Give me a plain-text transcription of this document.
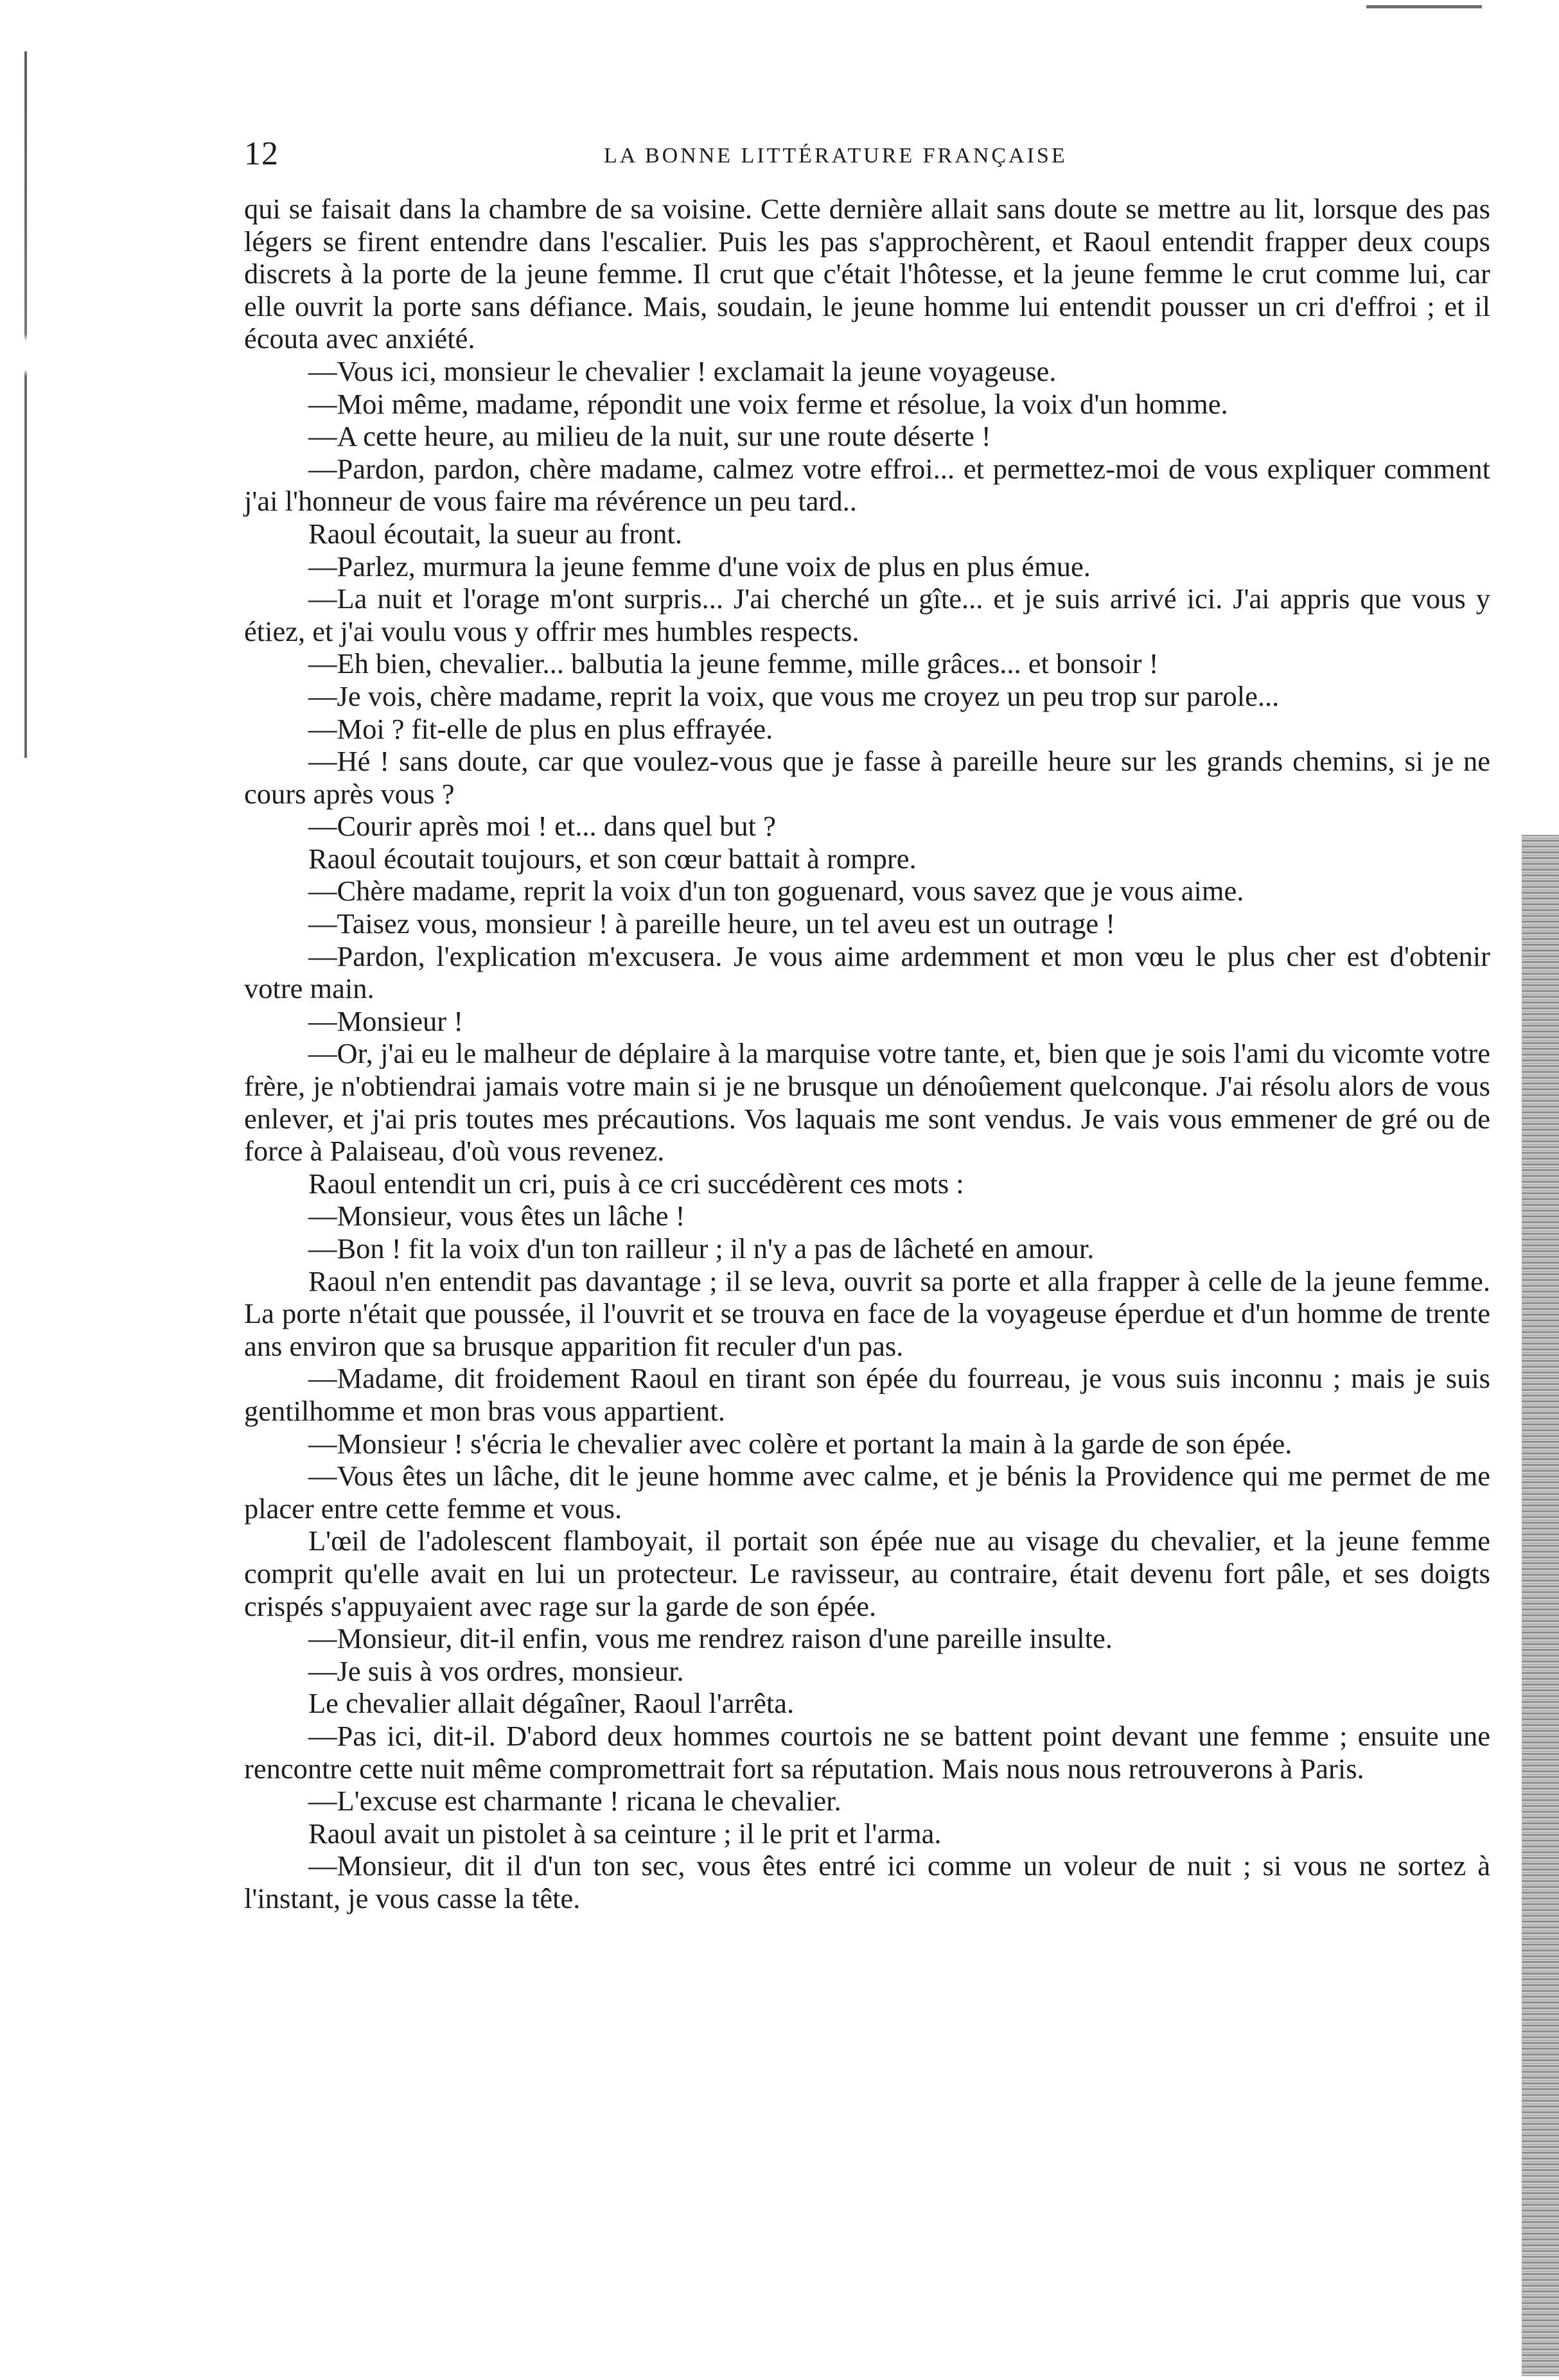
12	LA BONNE LITTÉRATURE FRANÇAISE

qui se faisait dans la chambre de sa voisine. Cette dernière allait sans doute se mettre au lit, lorsque des pas légers se firent entendre dans l'escalier. Puis les pas s'approchèrent, et Raoul entendit frapper deux coups discrets à la porte de la jeune femme. Il crut que c'était l'hôtesse, et la jeune femme le crut comme lui, car elle ouvrit la porte sans défiance. Mais, soudain, le jeune homme lui entendit pousser un cri d'effroi ; et il écouta avec anxiété.

—Vous ici, monsieur le chevalier ! exclamait la jeune voyageuse.

—Moi même, madame, répondit une voix ferme et résolue, la voix d'un homme.

—A cette heure, au milieu de la nuit, sur une route déserte !

—Pardon, pardon, chère madame, calmez votre effroi... et permettez-moi de vous expliquer comment j'ai l'honneur de vous faire ma révérence un peu tard..

Raoul écoutait, la sueur au front.

—Parlez, murmura la jeune femme d'une voix de plus en plus émue.

—La nuit et l'orage m'ont surpris... J'ai cherché un gîte... et je suis arrivé ici. J'ai appris que vous y étiez, et j'ai voulu vous y offrir mes humbles respects.

—Eh bien, chevalier... balbutia la jeune femme, mille grâces... et bonsoir !

—Je vois, chère madame, reprit la voix, que vous me croyez un peu trop sur parole...

—Moi ? fit-elle de plus en plus effrayée.

—Hé ! sans doute, car que voulez-vous que je fasse à pareille heure sur les grands chemins, si je ne cours après vous ?

—Courir après moi ! et... dans quel but ?

Raoul écoutait toujours, et son cœur battait à rompre.

—Chère madame, reprit la voix d'un ton goguenard, vous savez que je vous aime.

—Taisez vous, monsieur ! à pareille heure, un tel aveu est un outrage !

—Pardon, l'explication m'excusera. Je vous aime ardemment et mon vœu le plus cher est d'obtenir votre main.

—Monsieur !

—Or, j'ai eu le malheur de déplaire à la marquise votre tante, et, bien que je sois l'ami du vicomte votre frère, je n'obtiendrai jamais votre main si je ne brusque un dénoûement quelconque. J'ai résolu alors de vous enlever, et j'ai pris toutes mes précautions. Vos laquais me sont vendus. Je vais vous emmener de gré ou de force à Palaiseau, d'où vous revenez.

Raoul entendit un cri, puis à ce cri succédèrent ces mots :

—Monsieur, vous êtes un lâche !

—Bon ! fit la voix d'un ton railleur ; il n'y a pas de lâcheté en amour.

Raoul n'en entendit pas davantage ; il se leva, ouvrit sa porte et alla frapper à celle de la jeune femme. La porte n'était que poussée, il l'ouvrit et se trouva en face de la voyageuse éperdue et d'un homme de trente ans environ que sa brusque apparition fit reculer d'un pas.

—Madame, dit froidement Raoul en tirant son épée du fourreau, je vous suis inconnu ; mais je suis gentilhomme et mon bras vous appartient.

—Monsieur ! s'écria le chevalier avec colère et portant la main à la garde de son épée.

—Vous êtes un lâche, dit le jeune homme avec calme, et je bénis la Providence qui me permet de me placer entre cette femme et vous.

L'œil de l'adolescent flamboyait, il portait son épée nue au visage du chevalier, et la jeune femme comprit qu'elle avait en lui un protecteur. Le ravisseur, au contraire, était devenu fort pâle, et ses doigts crispés s'appuyaient avec rage sur la garde de son épée.

—Monsieur, dit-il enfin, vous me rendrez raison d'une pareille insulte.

—Je suis à vos ordres, monsieur.

Le chevalier allait dégaîner, Raoul l'arrêta.

—Pas ici, dit-il. D'abord deux hommes courtois ne se battent point devant une femme ; ensuite une rencontre cette nuit même compromettrait fort sa réputation. Mais nous nous retrouverons à Paris.

—L'excuse est charmante ! ricana le chevalier.

Raoul avait un pistolet à sa ceinture ; il le prit et l'arma.

—Monsieur, dit il d'un ton sec, vous êtes entré ici comme un voleur de nuit ; si vous ne sortez à l'instant, je vous casse la tête.
